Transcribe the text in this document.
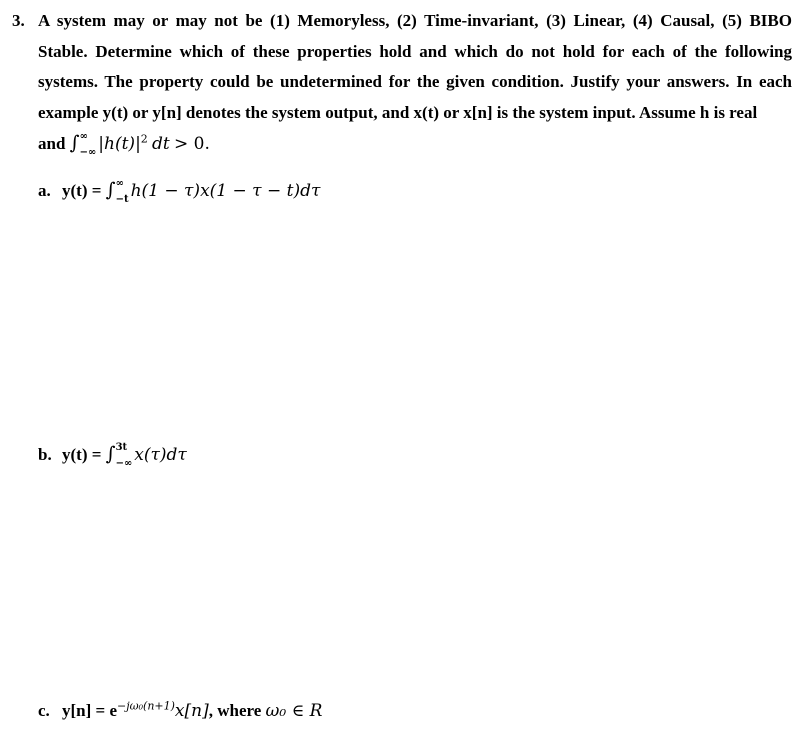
3. A system may or may not be (1) Memoryless, (2) Time-invariant, (3) Linear, (4) Causal, (5) BIBO Stable. Determine which of these properties hold and which do not hold for each of the following systems. The property could be undetermined for the given condition. Justify your answers. In each example y(t) or y[n] denotes the system output, and x(t) or x[n] is the system input. Assume h is real
and ∫ ∞
−∞ $|h(t)|^2$ dt > 0.
a. y(t) = ∫ ∞
−t h(1 − τ)x(1 − τ − t)dτ
b. y(t) = ∫ 3t
−∞ x(τ)dτ
c. $y[n] = e^{-j\omega_0(n+1)}x[n]$, where ω₀ ∈ R
